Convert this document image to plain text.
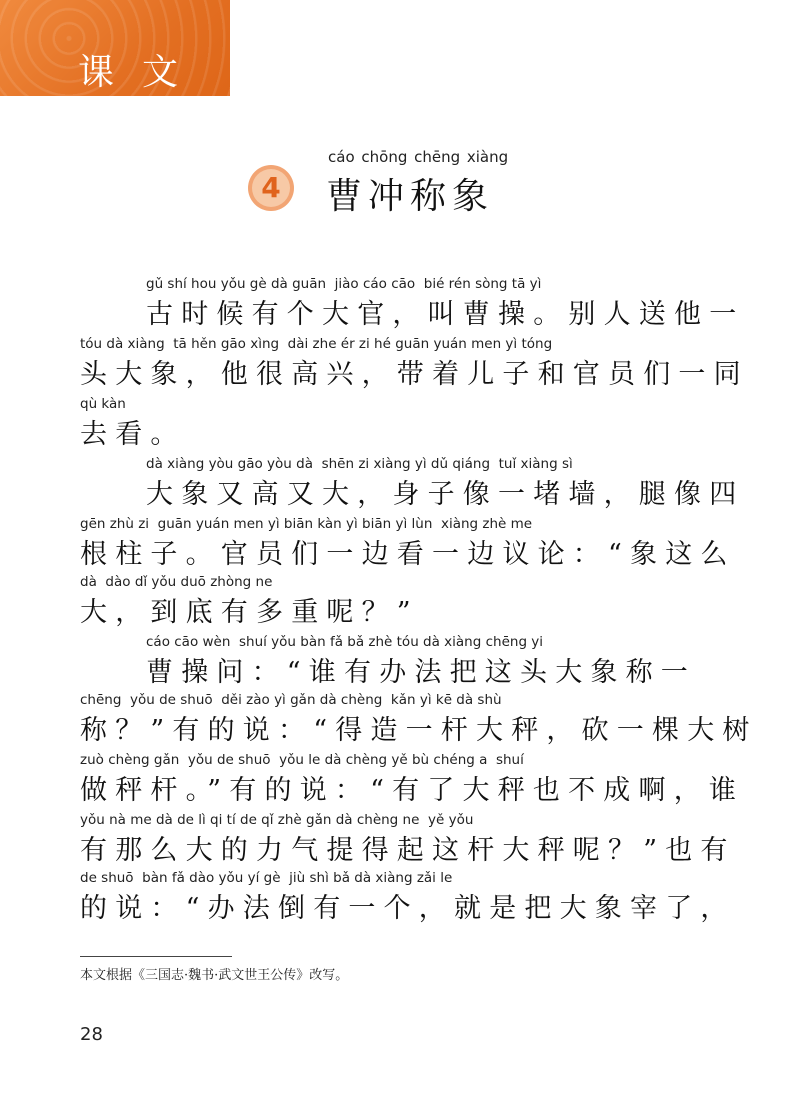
课文
4
cáo chōng chēng xiàng
曹冲称象
gǔ shí hou yǒu gè dà guān  jiào cáo cāo  bié rén sòng tā yì
古时候有个大官，叫曹操。别人送他一
tóu dà xiàng  tā hěn gāo xìng  dài zhe ér zi hé guān yuán men yì tóng
头大象，他很高兴，带着儿子和官员们一同
qù kàn
去看。
dà xiàng yòu gāo yòu dà  shēn zi xiàng yì dǔ qiáng  tuǐ xiàng sì
大象又高又大，身子像一堵墙，腿像四
gēn zhù zi  guān yuán men yì biān kàn yì biān yì lùn  xiàng zhè me
根柱子。官员们一边看一边议论：“象这么
dà  dào dǐ yǒu duō zhòng ne
大，到底有多重呢？”
cáo cāo wèn  shuí yǒu bàn fǎ bǎ zhè tóu dà xiàng chēng yi
曹操问：“谁有办法把这头大象称一
chēng  yǒu de shuō  děi zào yì gǎn dà chèng  kǎn yì kē dà shù
称？”有的说：“得造一杆大秤，砍一棵大树
zuò chèng gǎn  yǒu de shuō  yǒu le dà chèng yě bù chéng a  shuí
做秤杆。”有的说：“有了大秤也不成啊，谁
yǒu nà me dà de lì qi tí de qǐ zhè gǎn dà chèng ne  yě yǒu
有那么大的力气提得起这杆大秤呢？”也有
de shuō  bàn fǎ dào yǒu yí gè  jiù shì bǎ dà xiàng zǎi le
的说：“办法倒有一个，就是把大象宰了，
本文根据《三国志·魏书·武文世王公传》改写。
28
